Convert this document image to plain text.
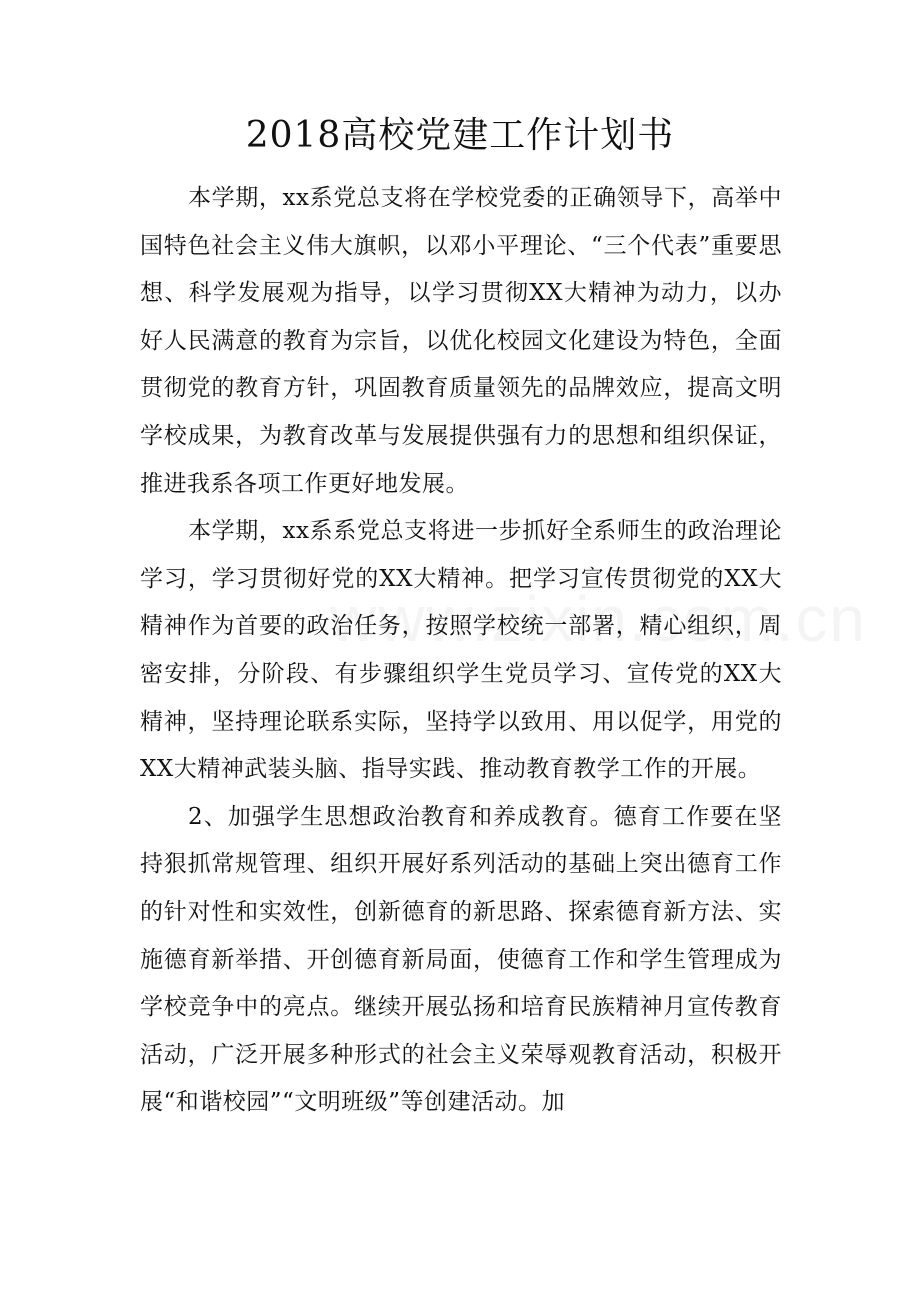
2018高校党建工作计划书

本学期，xx系党总支将在学校党委的正确领导下，高举中国特色社会主义伟大旗帜，以邓小平理论、“三个代表”重要思想、科学发展观为指导，以学习贯彻XX大精神为动力，以办好人民满意的教育为宗旨，以优化校园文化建设为特色，全面贯彻党的教育方针，巩固教育质量领先的品牌效应，提高文明学校成果，为教育改革与发展提供强有力的思想和组织保证，推进我系各项工作更好地发展。

本学期，xx系系党总支将进一步抓好全系师生的政治理论学习，学习贯彻好党的XX大精神。把学习宣传贯彻党的XX大精神作为首要的政治任务，按照学校统一部署，精心组织，周密安排，分阶段、有步骤组织学生党员学习、宣传党的XX大精神，坚持理论联系实际，坚持学以致用、用以促学，用党的XX大精神武装头脑、指导实践、推动教育教学工作的开展。

2、加强学生思想政治教育和养成教育。德育工作要在坚持狠抓常规管理、组织开展好系列活动的基础上突出德育工作的针对性和实效性，创新德育的新思路、探索德育新方法、实施德育新举措、开创德育新局面，使德育工作和学生管理成为学校竞争中的亮点。继续开展弘扬和培育民族精神月宣传教育活动，广泛开展多种形式的社会主义荣辱观教育活动，积极开展“和谐校园”“文明班级”等创建活动。加
